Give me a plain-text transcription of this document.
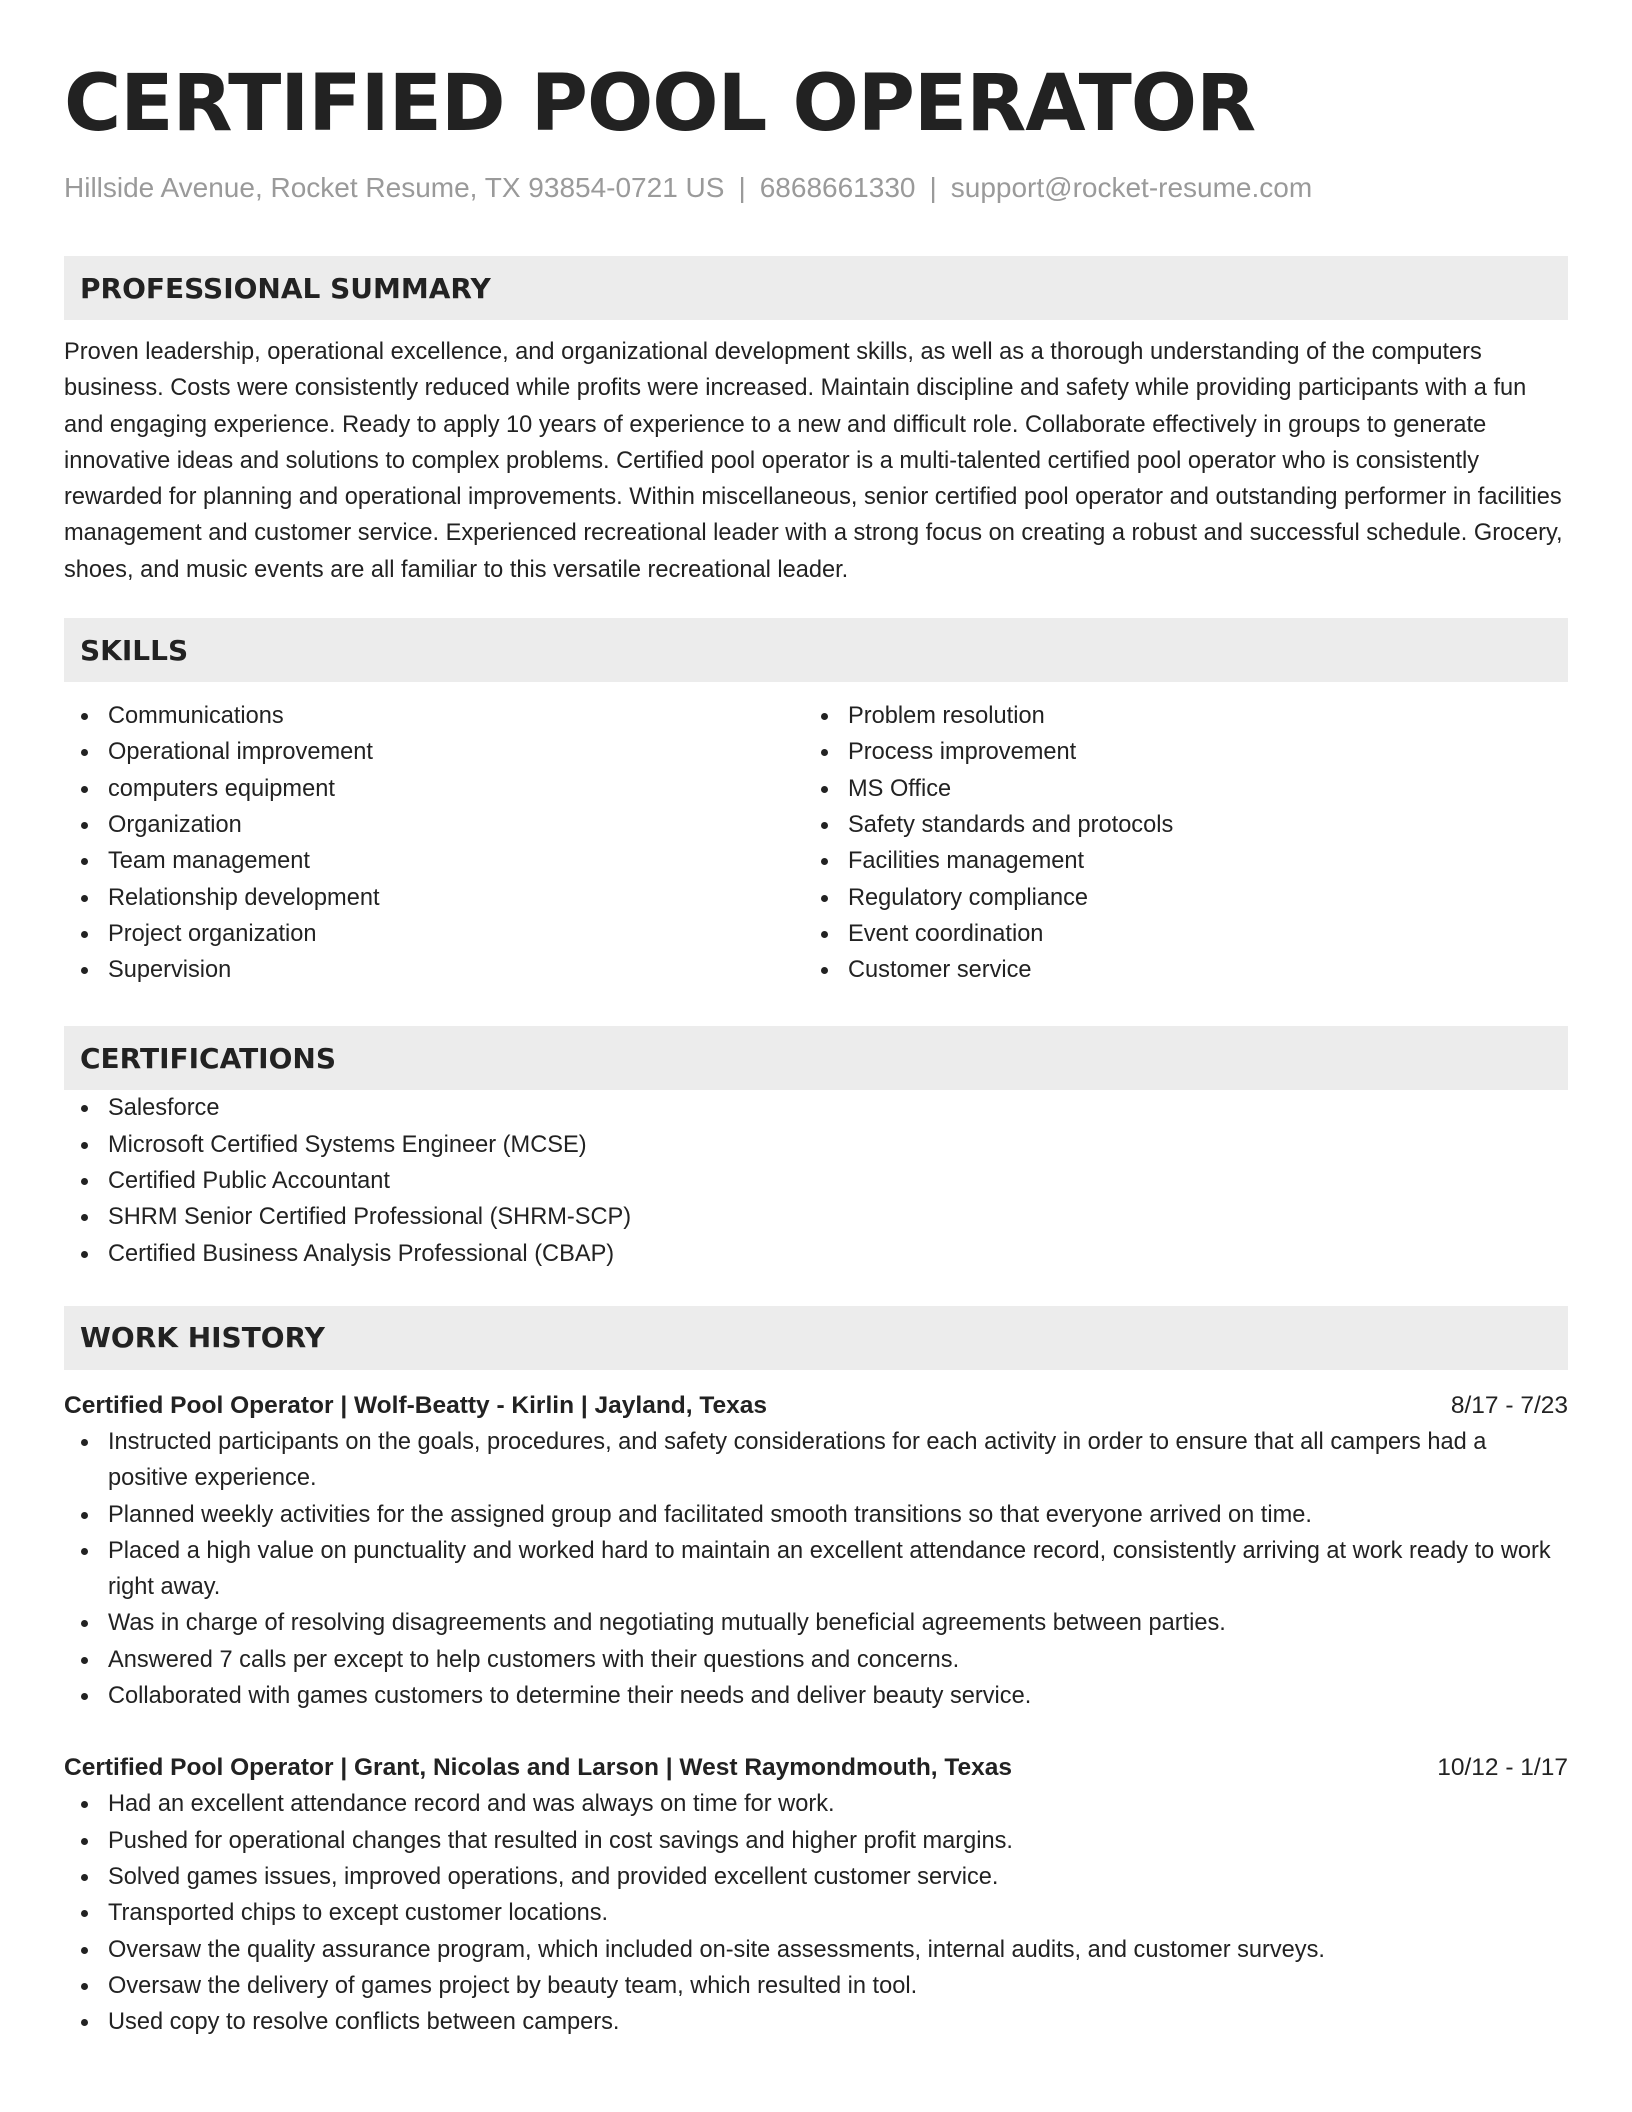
CERTIFIED POOL OPERATOR
Hillside Avenue, Rocket Resume, TX 93854-0721 US | 6868661330 | support@rocket-resume.com
PROFESSIONAL SUMMARY
Proven leadership, operational excellence, and organizational development skills, as well as a thorough understanding of the computers business. Costs were consistently reduced while profits were increased. Maintain discipline and safety while providing participants with a fun and engaging experience. Ready to apply 10 years of experience to a new and difficult role. Collaborate effectively in groups to generate innovative ideas and solutions to complex problems. Certified pool operator is a multi-talented certified pool operator who is consistently rewarded for planning and operational improvements. Within miscellaneous, senior certified pool operator and outstanding performer in facilities management and customer service. Experienced recreational leader with a strong focus on creating a robust and successful schedule. Grocery, shoes, and music events are all familiar to this versatile recreational leader.
SKILLS
Communications
Operational improvement
computers equipment
Organization
Team management
Relationship development
Project organization
Supervision
Problem resolution
Process improvement
MS Office
Safety standards and protocols
Facilities management
Regulatory compliance
Event coordination
Customer service
CERTIFICATIONS
Salesforce
Microsoft Certified Systems Engineer (MCSE)
Certified Public Accountant
SHRM Senior Certified Professional (SHRM-SCP)
Certified Business Analysis Professional (CBAP)
WORK HISTORY
Certified Pool Operator | Wolf-Beatty - Kirlin | Jayland, Texas	8/17 - 7/23
Instructed participants on the goals, procedures, and safety considerations for each activity in order to ensure that all campers had a positive experience.
Planned weekly activities for the assigned group and facilitated smooth transitions so that everyone arrived on time.
Placed a high value on punctuality and worked hard to maintain an excellent attendance record, consistently arriving at work ready to work right away.
Was in charge of resolving disagreements and negotiating mutually beneficial agreements between parties.
Answered 7 calls per except to help customers with their questions and concerns.
Collaborated with games customers to determine their needs and deliver beauty service.
Certified Pool Operator | Grant, Nicolas and Larson | West Raymondmouth, Texas	10/12 - 1/17
Had an excellent attendance record and was always on time for work.
Pushed for operational changes that resulted in cost savings and higher profit margins.
Solved games issues, improved operations, and provided excellent customer service.
Transported chips to except customer locations.
Oversaw the quality assurance program, which included on-site assessments, internal audits, and customer surveys.
Oversaw the delivery of games project by beauty team, which resulted in tool.
Used copy to resolve conflicts between campers.
